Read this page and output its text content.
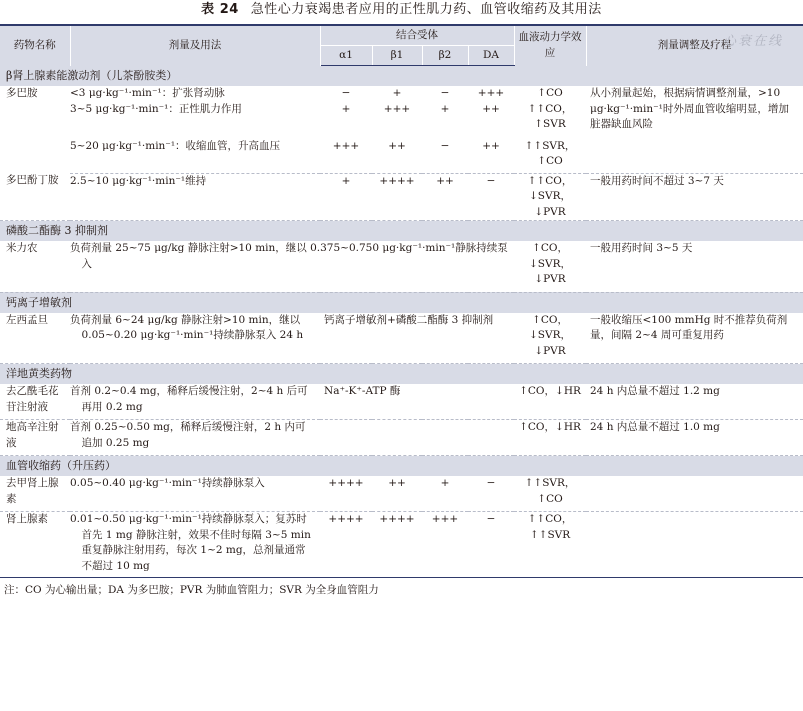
表 24 急性心力衰竭患者应用的正性肌力药、血管收缩药及其用法
心衰在线
药物名称	剂量及用法	结合受体				血液动力学效应	剂量调整及疗程
		α1	β1	β2	DA		
β肾上腺素能激动剂（儿茶酚胺类）							
多巴胺	<3 μg·kg⁻¹·min⁻¹：扩张肾动脉	−	+	−	+++	↑CO	从小剂量起始，根据病情调整剂量，>10 μg·kg⁻¹·min⁻¹时外周血管收缩明显，增加脏器缺血风险
	3~5 μg·kg⁻¹·min⁻¹：正性肌力作用	+	+++	+	++	↑↑CO，↑SVR	
	5~20 μg·kg⁻¹·min⁻¹：收缩血管，升高血压	+++	++	−	++	↑↑SVR，↑CO	
多巴酚丁胺	2.5~10 μg·kg⁻¹·min⁻¹维持	+	++++	++	−	↑↑CO，↓SVR，↓PVR	一般用药时间不超过 3~7 天
磷酸二酯酶 3 抑制剂							
米力农	负荷剂量 25~75 μg/kg 静脉注射>10 min，继以 0.375~0.750 μg·kg⁻¹·min⁻¹静脉持续泵入					↑CO，↓SVR，↓PVR	一般用药时间 3~5 天
钙离子增敏剂							
左西孟旦	负荷剂量 6~24 μg/kg 静脉注射>10 min，继以 0.05~0.20 μg·kg⁻¹·min⁻¹持续静脉泵入 24 h	钙离子增敏剂+磷酸二酯酶 3 抑制剂				↑CO，↓SVR，↓PVR	一般收缩压<100 mmHg 时不推荐负荷剂量，间隔 2~4 周可重复用药
洋地黄类药物							
去乙酰毛花苷注射液	首剂 0.2~0.4 mg，稀释后缓慢注射，2~4 h 后可再用 0.2 mg	Na⁺-K⁺-ATP 酶				↑CO，↓HR	24 h 内总量不超过 1.2 mg
地高辛注射液	首剂 0.25~0.50 mg，稀释后缓慢注射，2 h 内可追加 0.25 mg					↑CO，↓HR	24 h 内总量不超过 1.0 mg
血管收缩药（升压药）							
去甲肾上腺素	0.05~0.40 μg·kg⁻¹·min⁻¹持续静脉泵入	++++	++	+	−	↑↑SVR，↑CO	
肾上腺素	0.01~0.50 μg·kg⁻¹·min⁻¹持续静脉泵入；复苏时首先 1 mg 静脉注射，效果不佳时每隔 3~5 min 重复静脉注射用药，每次 1~2 mg，总剂量通常不超过 10 mg	++++	++++	+++	−	↑↑CO，↑↑SVR	
注：CO 为心输出量；DA 为多巴胺；PVR 为肺血管阻力；SVR 为全身血管阻力
